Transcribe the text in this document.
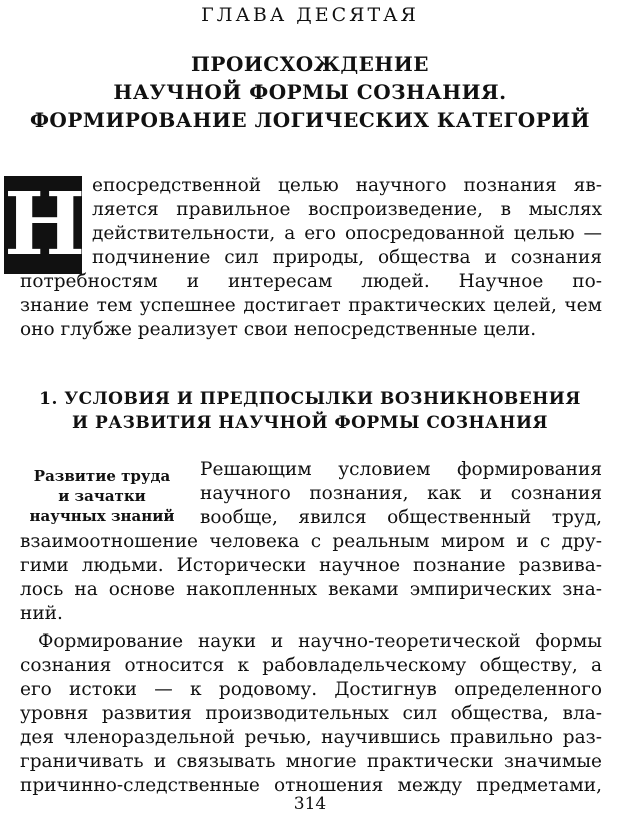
ГЛАВА ДЕСЯТАЯ
ПРОИСХОЖДЕНИЕ
НАУЧНОЙ ФОРМЫ СОЗНАНИЯ.
ФОРМИРОВАНИЕ ЛОГИЧЕСКИХ КАТЕГОРИЙ
Н епосредственной целью научного познания яв-
ляется правильное воспроизведение, в мыслях
действительности, а его опосредованной целью —
подчинение сил природы, общества и сознания
потребностям и интересам людей. Научное по-
знание тем успешнее достигает практических целей, чем
оно глубже реализует свои непосредственные цели.
1. УСЛОВИЯ И ПРЕДПОСЫЛКИ ВОЗНИКНОВЕНИЯ
И РАЗВИТИЯ НАУЧНОЙ ФОРМЫ СОЗНАНИЯ
Развитие труда
и зачатки
научных знаний
Решающим условием формирования
научного познания, как и сознания
вообще, явился общественный труд,
взаимоотношение человека с реальным миром и с дру-
гими людьми. Исторически научное познание развива-
лось на основе накопленных веками эмпирических зна-
ний.
Формирование науки и научно-теоретической формы
сознания относится к рабовладельческому обществу, а
его истоки — к родовому. Достигнув определенного
уровня развития производительных сил общества, вла-
дея членораздельной речью, научившись правильно раз-
граничивать и связывать многие практически значимые
причинно-следственные отношения между предметами,
314
